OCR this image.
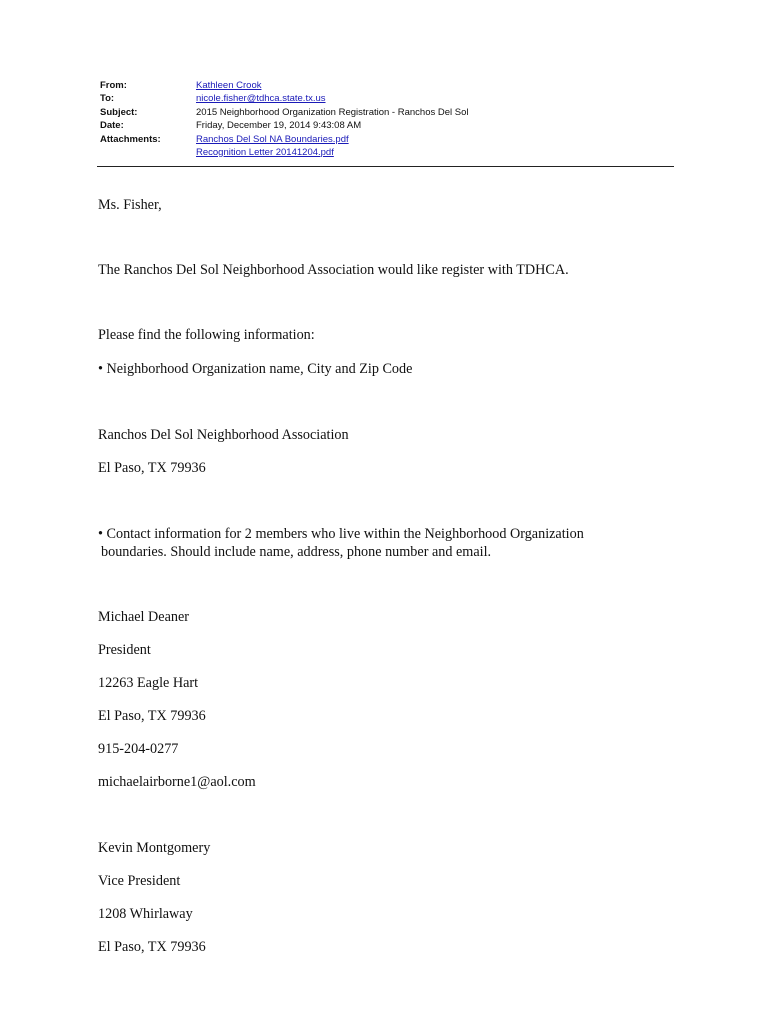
From:	Kathleen Crook
To:	nicole.fisher@tdhca.state.tx.us
Subject:	2015 Neighborhood Organization Registration - Ranchos Del Sol
Date:	Friday, December 19, 2014 9:43:08 AM
Attachments:	Ranchos Del Sol NA Boundaries.pdf
Recognition Letter 20141204.pdf
Ms. Fisher,
The Ranchos Del Sol Neighborhood Association would like register with TDHCA.
Please find the following information:
• Neighborhood Organization name, City and Zip Code
Ranchos Del Sol Neighborhood Association
El Paso, TX 79936
• Contact information for 2 members who live within the Neighborhood Organization
boundaries. Should include name, address, phone number and email.
Michael Deaner
President
12263 Eagle Hart
El Paso, TX 79936
915-204-0277
michaelairborne1@aol.com
Kevin Montgomery
Vice President
1208 Whirlaway
El Paso, TX 79936
